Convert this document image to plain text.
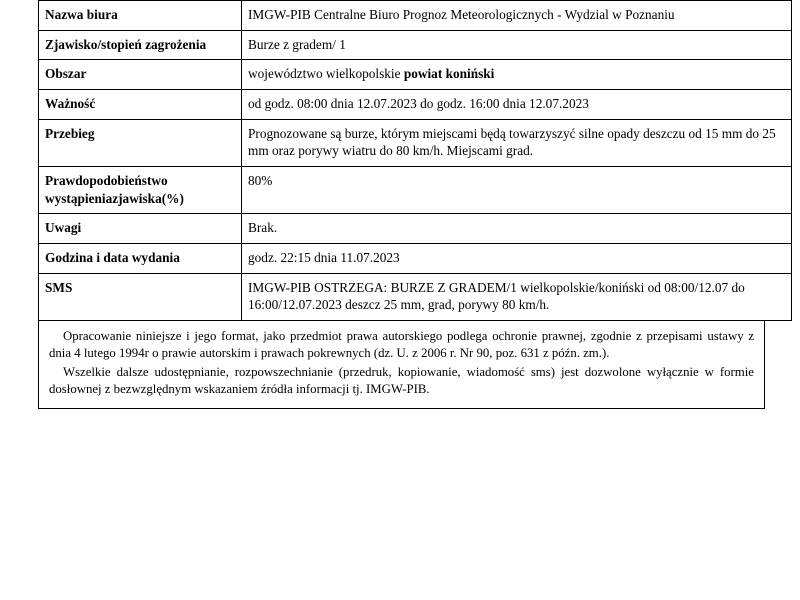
Nazwa biura	IMGW-PIB Centralne Biuro Prognoz Meteorologicznych - Wydzial w Poznaniu
Zjawisko/stopień zagrożenia	Burze z gradem/ 1
Obszar	województwo wielkopolskie powiat koniński
Ważność	od godz. 08:00 dnia 12.07.2023 do godz. 16:00 dnia 12.07.2023
Przebieg	Prognozowane są burze, którym miejscami będą towarzyszyć silne opady deszczu od 15 mm do 25 mm oraz porywy wiatru do 80 km/h. Miejscami grad.
Prawdopodobieństwo wystąpieniazjawiska(%)	80%
Uwagi	Brak.
Godzina i data wydania	godz. 22:15 dnia 11.07.2023
SMS	IMGW-PIB OSTRZEGA: BURZE Z GRADEM/1 wielkopolskie/koniński od 08:00/12.07 do 16:00/12.07.2023 deszcz 25 mm, grad, porywy 80 km/h.

Opracowanie niniejsze i jego format, jako przedmiot prawa autorskiego podlega ochronie prawnej, zgodnie z przepisami ustawy z dnia 4 lutego 1994r o prawie autorskim i prawach pokrewnych (dz. U. z 2006 r. Nr 90, poz. 631 z późn. zm.).

Wszelkie dalsze udostępnianie, rozpowszechnianie (przedruk, kopiowanie, wiadomość sms) jest dozwolone wyłącznie w formie dosłownej z bezwzględnym wskazaniem źródła informacji tj. IMGW-PIB.
